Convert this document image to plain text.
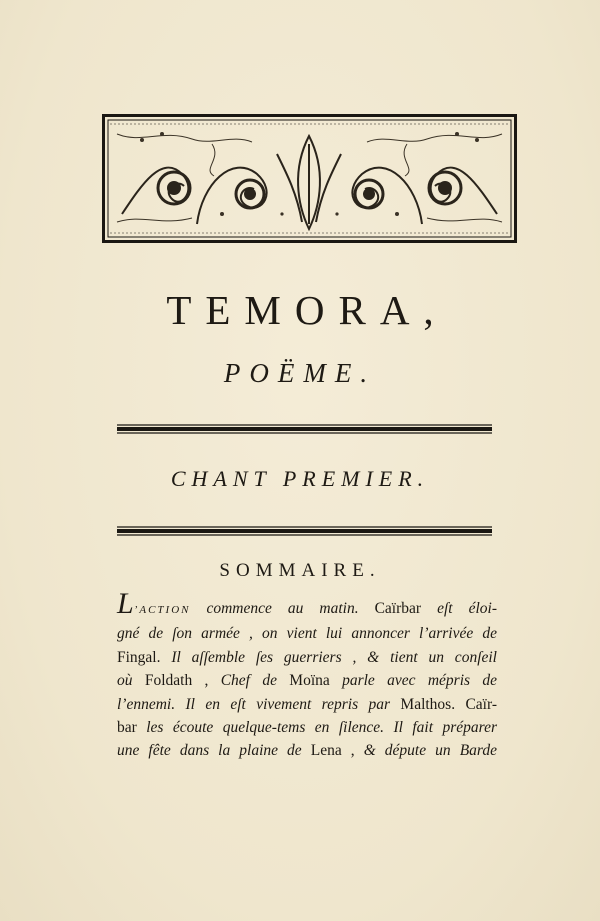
TEMORA,
POËME.
CHANT PREMIER.
SOMMAIRE.
L’ACTION commence au matin. Caïrbar eſt éloi-
gné de ſon armée , on vient lui annoncer l’arrivée de
Fingal. Il aſſemble ſes guerriers , & tient un conſeil
où Foldath , Chef de Moïna parle avec mépris de
l’ennemi. Il en eſt vivement repris par Malthos. Caïr-
bar les écoute quelque-tems en ſilence. Il fait préparer
une fête dans la plaine de Lena , & députe un Barde
